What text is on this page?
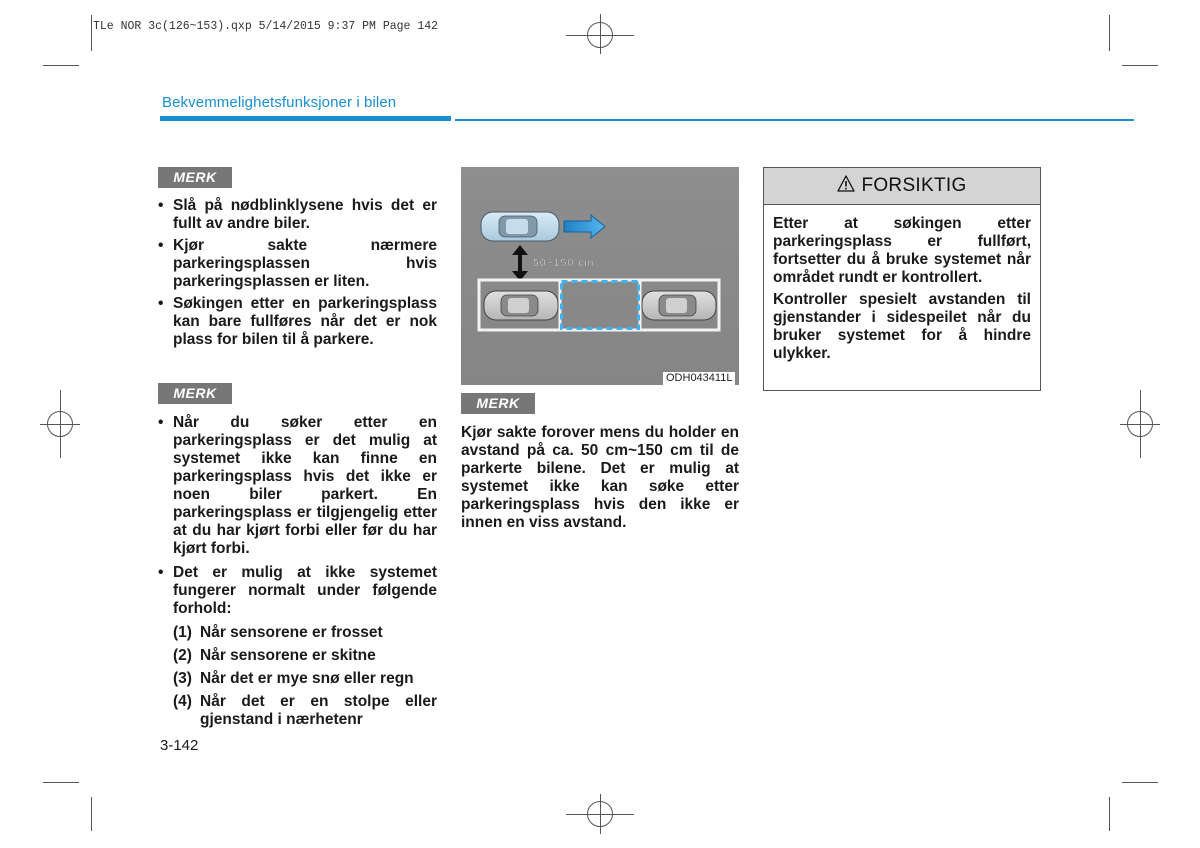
TLe NOR 3c(126~153).qxp 5/14/2015 9:37 PM Page 142
Bekvemmelighetsfunksjoner i bilen
MERK
• Slå på nødblinklysene hvis det er fullt av andre biler.
• Kjør sakte nærmere parkeringsplassen hvis parkeringsplassen er liten.
• Søkingen etter en parkeringsplass kan bare fullføres når det er nok plass for bilen til å parkere.
MERK
• Når du søker etter en parkeringsplass er det mulig at systemet ikke kan finne en parkeringsplass hvis det ikke er noen biler parkert. En parkeringsplass er tilgjengelig etter at du har kjørt forbi eller før du har kjørt forbi.
• Det er mulig at ikke systemet fungerer normalt under følgende forhold:
(1) Når sensorene er frosset
(2) Når sensorene er skitne
(3) Når det er mye snø eller regn
(4) Når det er en stolpe eller gjenstand i nærhetenr
50~150 cm
ODH043411L
MERK
Kjør sakte forover mens du holder en avstand på ca. 50 cm~150 cm til de parkerte bilene. Det er mulig at systemet ikke kan søke etter parkeringsplass hvis den ikke er innen en viss avstand.
FORSIKTIG

Etter at søkingen etter parkeringsplass er fullført, fortsetter du å bruke systemet når området rundt er kontrollert.

Kontroller spesielt avstanden til gjenstander i sidespeilet når du bruker systemet for å hindre ulykker.

3-142
